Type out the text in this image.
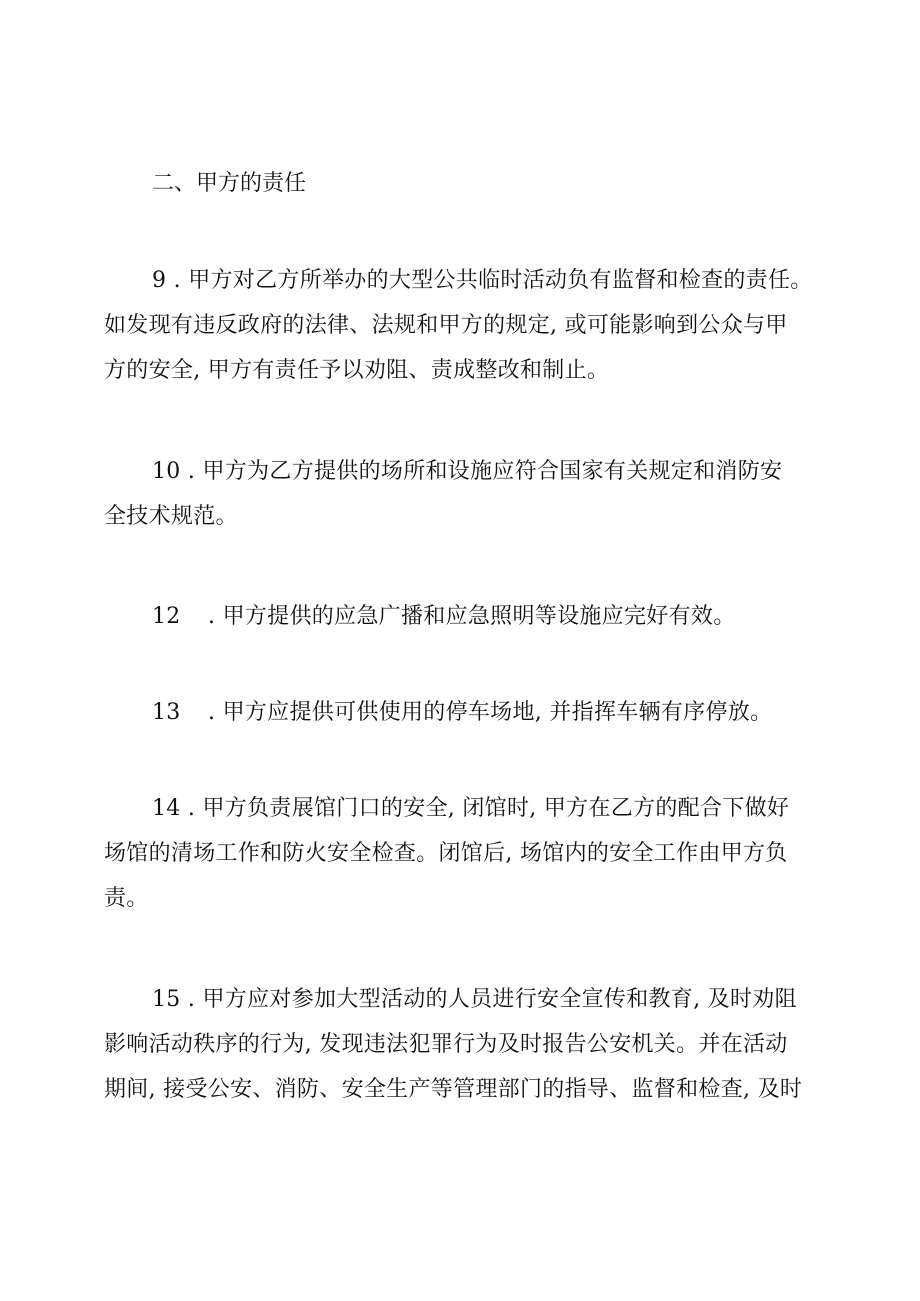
二、甲方的责任
9 . 甲方对乙方所举办的大型公共临时活动负有监督和检查的责任。
如发现有违反政府的法律、法规和甲方的规定, 或可能影响到公众与甲
方的安全, 甲方有责任予以劝阻、责成整改和制止。
10 . 甲方为乙方提供的场所和设施应符合国家有关规定和消防安
全技术规范。
12 . 甲方提供的应急广播和应急照明等设施应完好有效。
13 . 甲方应提供可供使用的停车场地, 并指挥车辆有序停放。
14 . 甲方负责展馆门口的安全, 闭馆时, 甲方在乙方的配合下做好
场馆的清场工作和防火安全检查。闭馆后, 场馆内的安全工作由甲方负
责。
15 . 甲方应对参加大型活动的人员进行安全宣传和教育, 及时劝阻
影响活动秩序的行为, 发现违法犯罪行为及时报告公安机关。并在活动
期间, 接受公安、消防、安全生产等管理部门的指导、监督和检查, 及时
